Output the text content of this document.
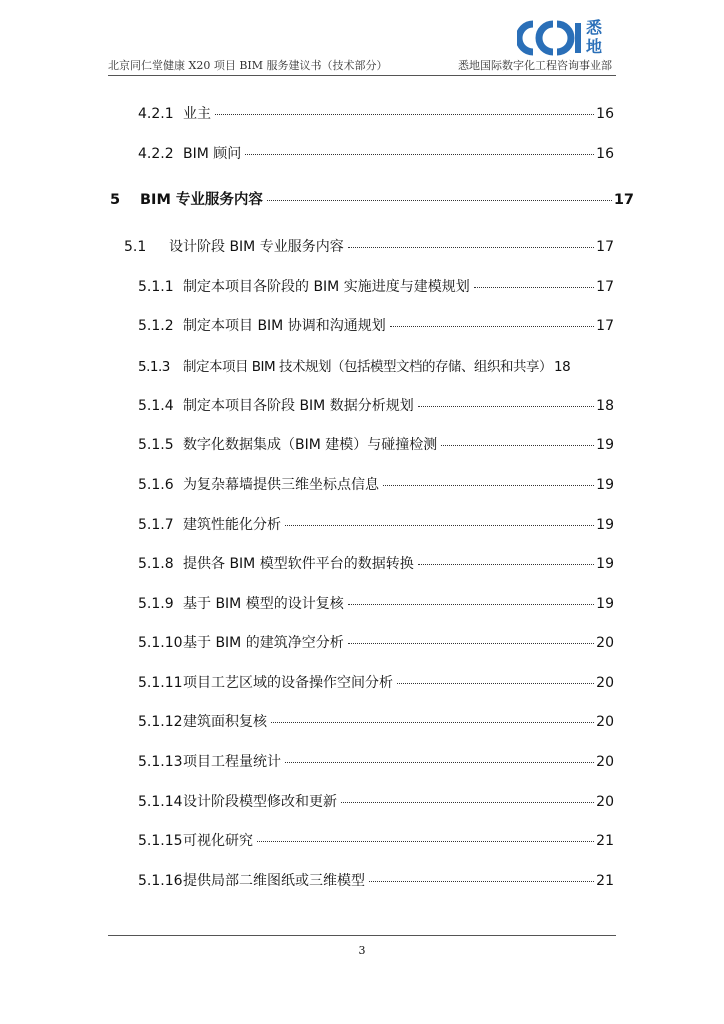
北京同仁堂健康 X20 项目 BIM 服务建议书（技术部分）	悉地国际数字化工程咨询事业部
悉地
4.2.1 业主	16
4.2.2 BIM 顾问	16
5	BIM 专业服务内容	17
5.1	设计阶段 BIM 专业服务内容	17
5.1.1 制定本项目各阶段的 BIM 实施进度与建模规划	17
5.1.2 制定本项目 BIM 协调和沟通规划	17
5.1.3 制定本项目 BIM 技术规划（包括模型文档的存储、组织和共享） 18
5.1.4 制定本项目各阶段 BIM 数据分析规划	18
5.1.5 数字化数据集成（BIM 建模）与碰撞检测	19
5.1.6 为复杂幕墙提供三维坐标点信息	19
5.1.7 建筑性能化分析	19
5.1.8 提供各 BIM 模型软件平台的数据转换	19
5.1.9 基于 BIM 模型的设计复核	19
5.1.10 基于 BIM 的建筑净空分析	20
5.1.11 项目工艺区域的设备操作空间分析	20
5.1.12 建筑面积复核	20
5.1.13 项目工程量统计	20
5.1.14 设计阶段模型修改和更新	20
5.1.15 可视化研究	21
5.1.16 提供局部二维图纸或三维模型	21
3
